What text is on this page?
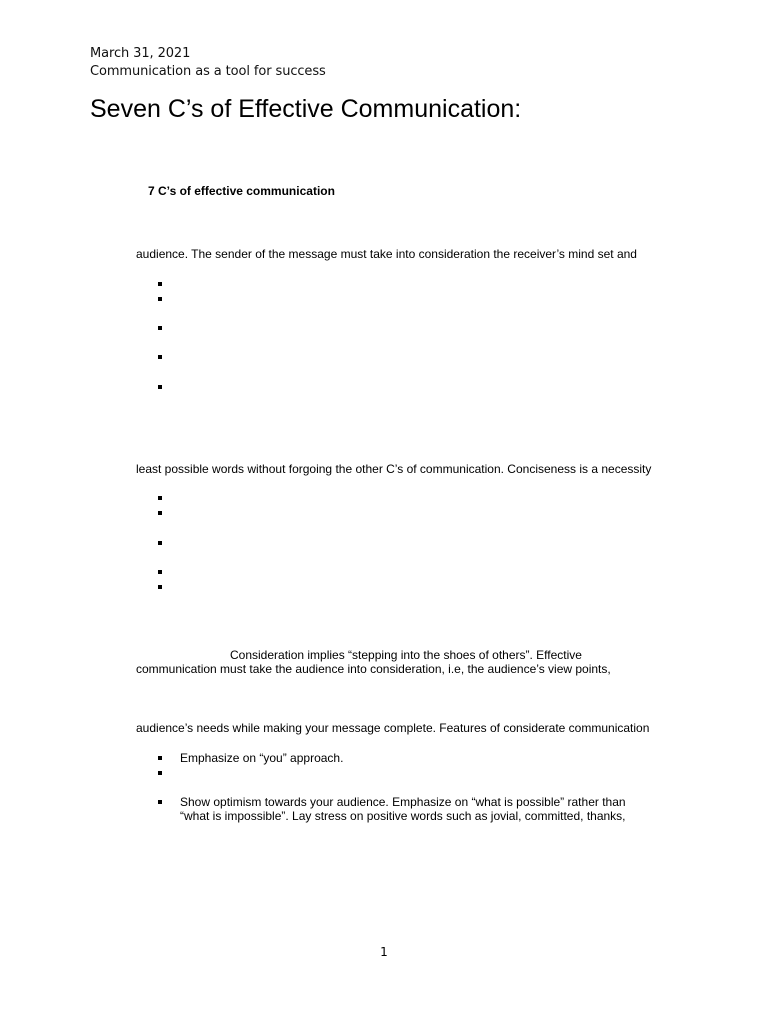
March 31, 2021
Communication as a tool for success
Seven C’s of Effective Communication:
7 C’s of effective communication
audience. The sender of the message must take into consideration the receiver’s mind set and
least possible words without forgoing the other C’s of communication. Conciseness is a necessity
Consideration implies “stepping into the shoes of others”. Effective
communication must take the audience into consideration, i.e, the audience’s view points,
audience’s needs while making your message complete. Features of considerate communication
Emphasize on “you” approach.
Show optimism towards your audience. Emphasize on “what is possible” rather than
“what is impossible”. Lay stress on positive words such as jovial, committed, thanks,
1
